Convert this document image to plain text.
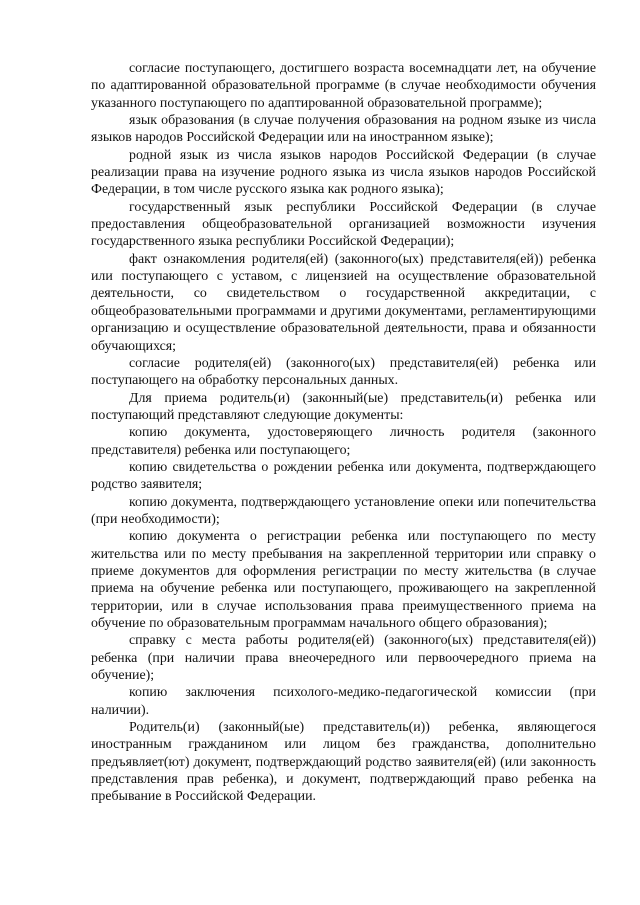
согласие поступающего, достигшего возраста восемнадцати лет, на обучение по адаптированной образовательной программе (в случае необходимости обучения указанного поступающего по адаптированной образовательной программе);

язык образования (в случае получения образования на родном языке из числа языков народов Российской Федерации или на иностранном языке);

родной язык из числа языков народов Российской Федерации (в случае реализации права на изучение родного языка из числа языков народов Российской Федерации, в том числе русского языка как родного языка);

государственный язык республики Российской Федерации (в случае предоставления общеобразовательной организацией возможности изучения государственного языка республики Российской Федерации);

факт ознакомления родителя(ей) (законного(ых) представителя(ей)) ребенка или поступающего с уставом, с лицензией на осуществление образовательной деятельности, со свидетельством о государственной аккредитации, с общеобразовательными программами и другими документами, регламентирующими организацию и осуществление образовательной деятельности, права и обязанности обучающихся;

согласие родителя(ей) (законного(ых) представителя(ей) ребенка или поступающего на обработку персональных данных.

Для приема родитель(и) (законный(ые) представитель(и) ребенка или поступающий представляют следующие документы:

копию документа, удостоверяющего личность родителя (законного представителя) ребенка или поступающего;

копию свидетельства о рождении ребенка или документа, подтверждающего родство заявителя;

копию документа, подтверждающего установление опеки или попечительства (при необходимости);

копию документа о регистрации ребенка или поступающего по месту жительства или по месту пребывания на закрепленной территории или справку о приеме документов для оформления регистрации по месту жительства (в случае приема на обучение ребенка или поступающего, проживающего на закрепленной территории, или в случае использования права преимущественного приема на обучение по образовательным программам начального общего образования);

справку с места работы родителя(ей) (законного(ых) представителя(ей)) ребенка (при наличии права внеочередного или первоочередного приема на обучение);

копию заключения психолого-медико-педагогической комиссии (при наличии).

Родитель(и) (законный(ые) представитель(и)) ребенка, являющегося иностранным гражданином или лицом без гражданства, дополнительно предъявляет(ют) документ, подтверждающий родство заявителя(ей) (или законность представления прав ребенка), и документ, подтверждающий право ребенка на пребывание в Российской Федерации.
